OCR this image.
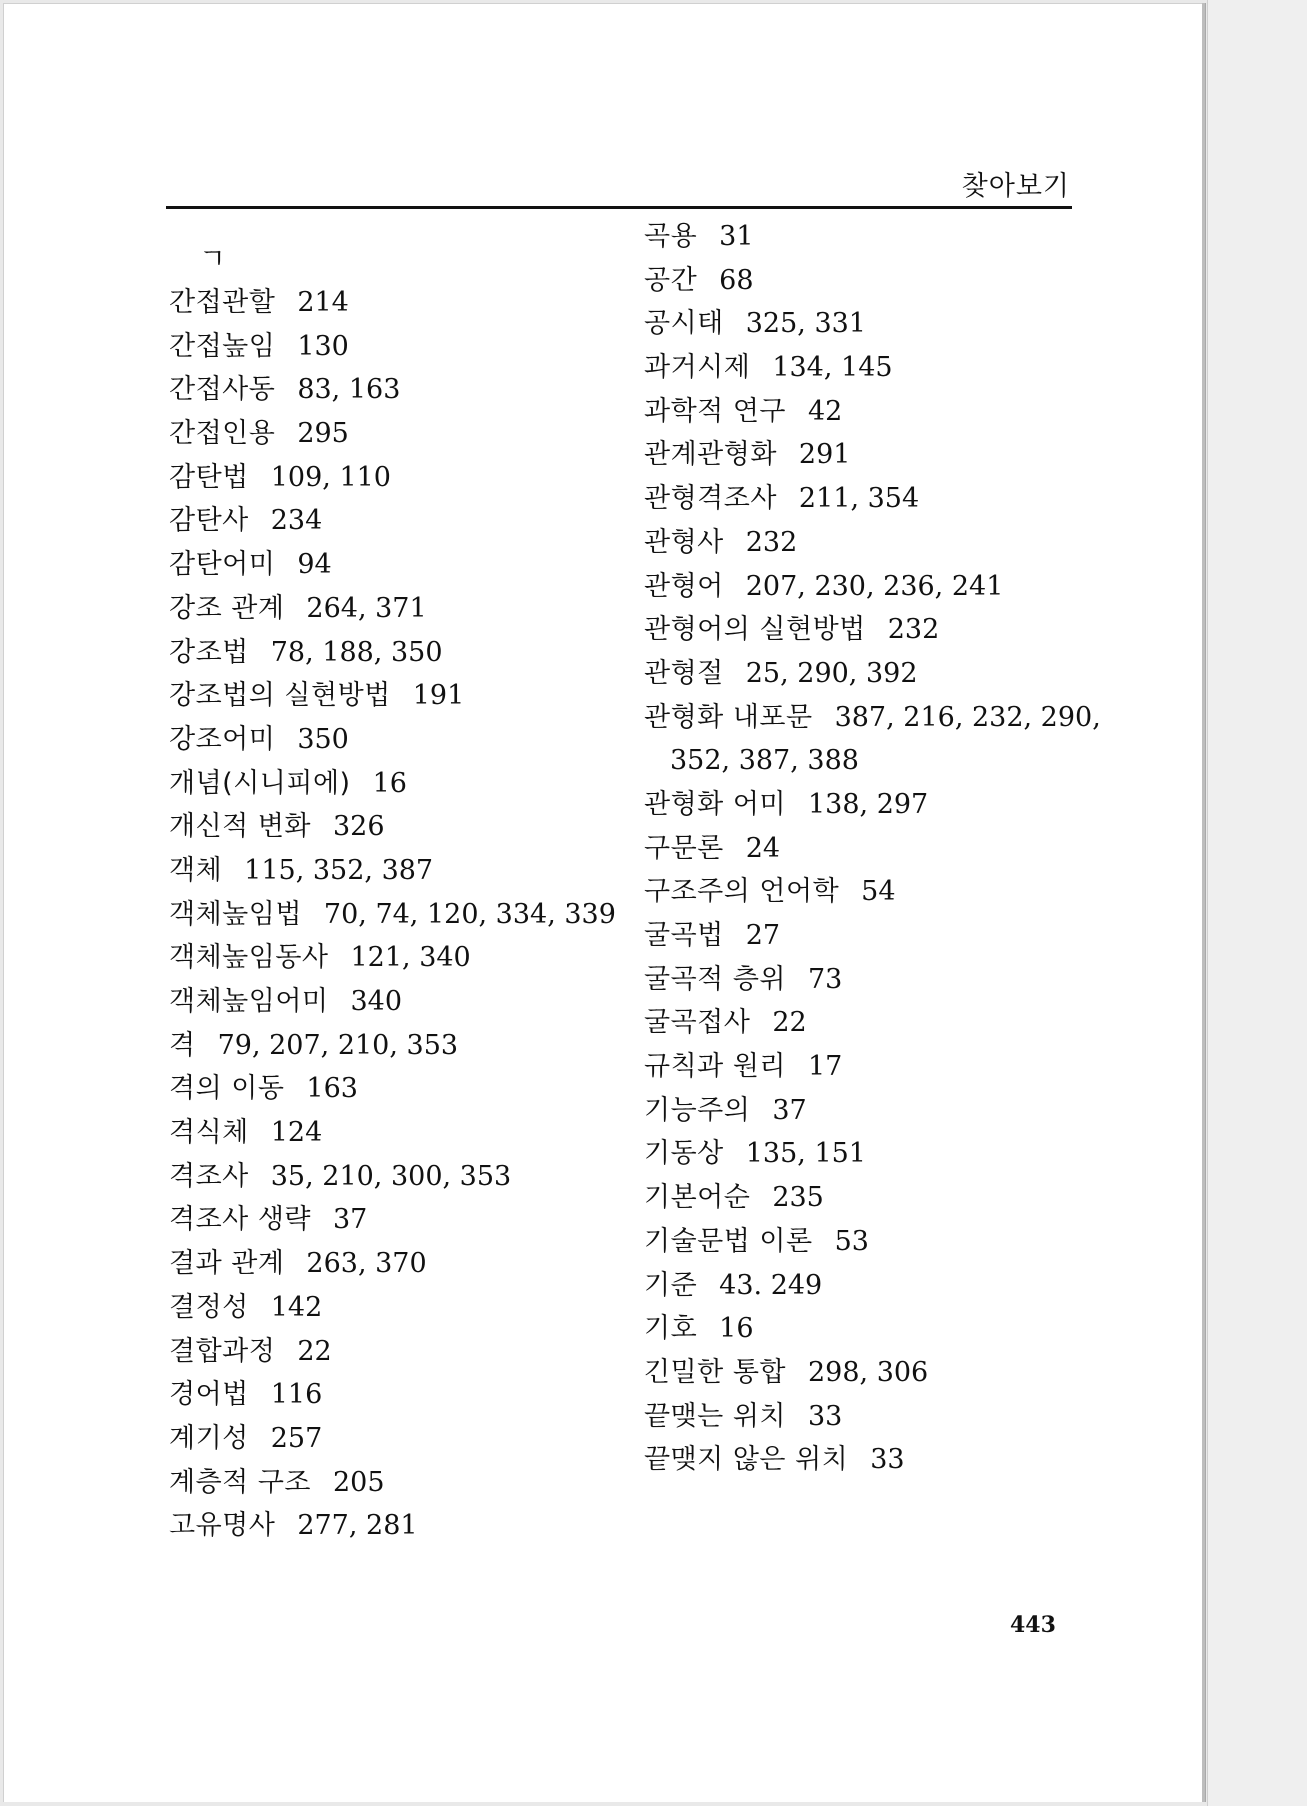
찾아보기
ㄱ
간접관할 214
간접높임 130
간접사동 83, 163
간접인용 295
감탄법 109, 110
감탄사 234
감탄어미 94
강조 관계 264, 371
강조법 78, 188, 350
강조법의 실현방법 191
강조어미 350
개념(시니피에) 16
개신적 변화 326
객체 115, 352, 387
객체높임법 70, 74, 120, 334, 339
객체높임동사 121, 340
객체높임어미 340
격 79, 207, 210, 353
격의 이동 163
격식체 124
격조사 35, 210, 300, 353
격조사 생략 37
결과 관계 263, 370
결정성 142
결합과정 22
경어법 116
계기성 257
계층적 구조 205
고유명사 277, 281
곡용 31
공간 68
공시태 325, 331
과거시제 134, 145
과학적 연구 42
관계관형화 291
관형격조사 211, 354
관형사 232
관형어 207, 230, 236, 241
관형어의 실현방법 232
관형절 25, 290, 392
관형화 내포문 387, 216, 232, 290,
352, 387, 388
관형화 어미 138, 297
구문론 24
구조주의 언어학 54
굴곡법 27
굴곡적 층위 73
굴곡접사 22
규칙과 원리 17
기능주의 37
기동상 135, 151
기본어순 235
기술문법 이론 53
기준 43. 249
기호 16
긴밀한 통합 298, 306
끝맺는 위치 33
끝맺지 않은 위치 33
443
